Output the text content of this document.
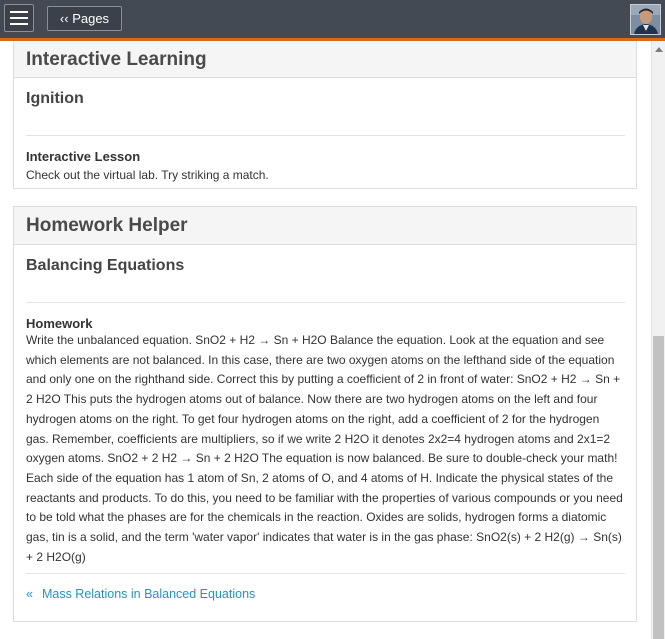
‹‹ Pages
Interactive Learning
Ignition
Interactive Lesson
Check out the virtual lab. Try striking a match.
Homework Helper
Balancing Equations
Homework
Write the unbalanced equation. SnO2 + H2 → Sn + H2O Balance the equation. Look at the equation and see which elements are not balanced. In this case, there are two oxygen atoms on the lefthand side of the equation and only one on the righthand side. Correct this by putting a coefficient of 2 in front of water: SnO2 + H2 → Sn + 2 H2O This puts the hydrogen atoms out of balance. Now there are two hydrogen atoms on the left and four hydrogen atoms on the right. To get four hydrogen atoms on the right, add a coefficient of 2 for the hydrogen gas. Remember, coefficients are multipliers, so if we write 2 H2O it denotes 2x2=4 hydrogen atoms and 2x1=2 oxygen atoms. SnO2 + 2 H2 → Sn + 2 H2O The equation is now balanced. Be sure to double-check your math! Each side of the equation has 1 atom of Sn, 2 atoms of O, and 4 atoms of H. Indicate the physical states of the reactants and products. To do this, you need to be familiar with the properties of various compounds or you need to be told what the phases are for the chemicals in the reaction. Oxides are solids, hydrogen forms a diatomic gas, tin is a solid, and the term 'water vapor' indicates that water is in the gas phase: SnO2(s) + 2 H2(g) → Sn(s) + 2 H2O(g)
« Mass Relations in Balanced Equations
